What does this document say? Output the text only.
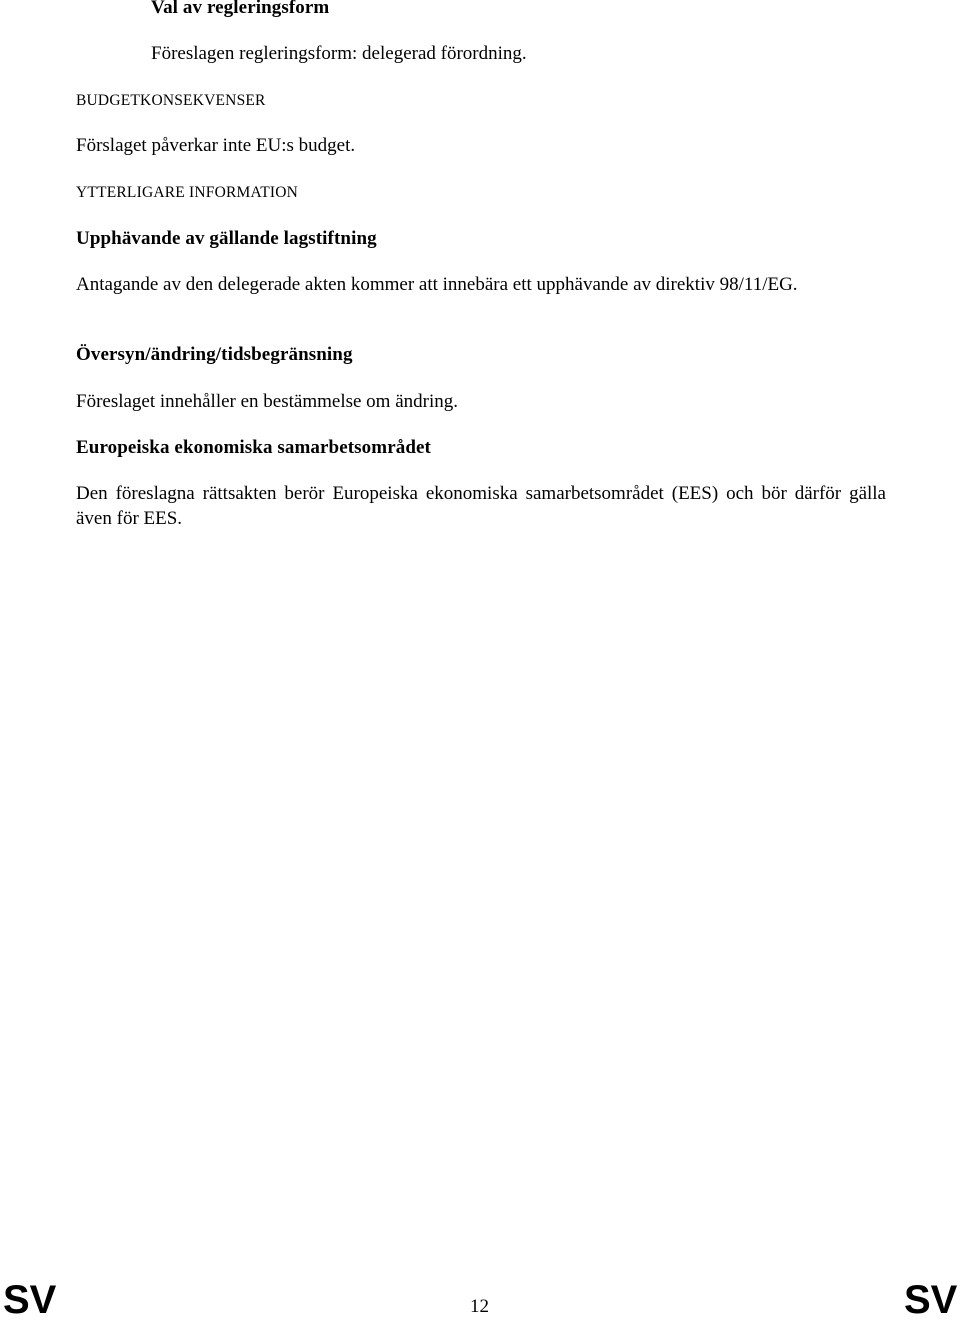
Val av regleringsform
Föreslagen regleringsform: delegerad förordning.
BUDGETKONSEKVENSER
Förslaget påverkar inte EU:s budget.
YTTERLIGARE INFORMATION
Upphävande av gällande lagstiftning
Antagande av den delegerade akten kommer att innebära ett upphävande av direktiv 98/11/EG.
Översyn/ändring/tidsbegränsning
Föreslaget innehåller en bestämmelse om ändring.
Europeiska ekonomiska samarbetsområdet
Den föreslagna rättsakten berör Europeiska ekonomiska samarbetsområdet (EES) och bör därför gälla även för EES.
SV	12	SV
